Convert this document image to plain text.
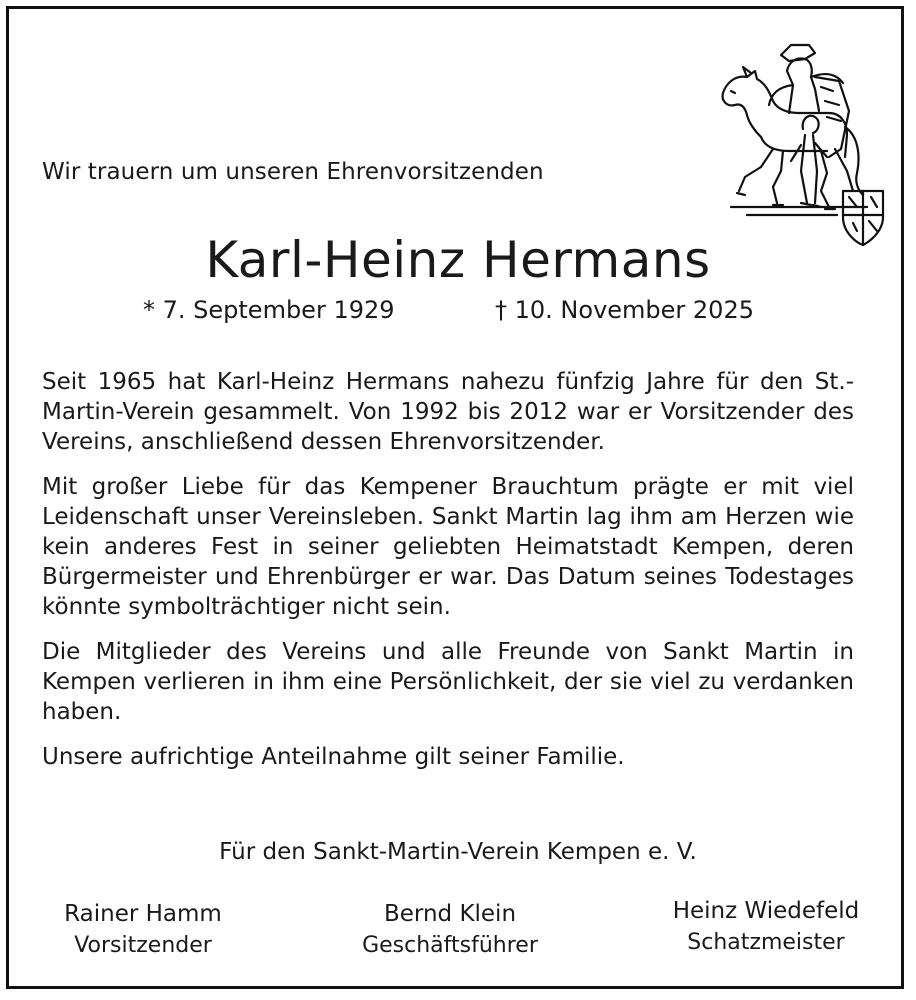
Wir trauern um unseren Ehrenvorsitzenden
Karl-Heinz Hermans
* 7. September 1929	† 10. November 2025

Seit 1965 hat Karl-Heinz Hermans nahezu fünfzig Jahre für den St.-Martin-Verein gesammelt. Von 1992 bis 2012 war er Vorsitzender des Vereins, anschließend dessen Ehrenvorsitzender.

Mit großer Liebe für das Kempener Brauchtum prägte er mit viel Leidenschaft unser Vereinsleben. Sankt Martin lag ihm am Herzen wie kein anderes Fest in seiner geliebten Heimatstadt Kempen, deren Bürgermeister und Ehrenbürger er war. Das Datum seines Todestages könnte symbolträchtiger nicht sein.

Die Mitglieder des Vereins und alle Freunde von Sankt Martin in Kempen verlieren in ihm eine Persönlichkeit, der sie viel zu verdanken haben.

Unsere aufrichtige Anteilnahme gilt seiner Familie.

Für den Sankt-Martin-Verein Kempen e. V.
Rainer Hamm
Vorsitzender
Bernd Klein
Geschäftsführer
Heinz Wiedefeld
Schatzmeister
